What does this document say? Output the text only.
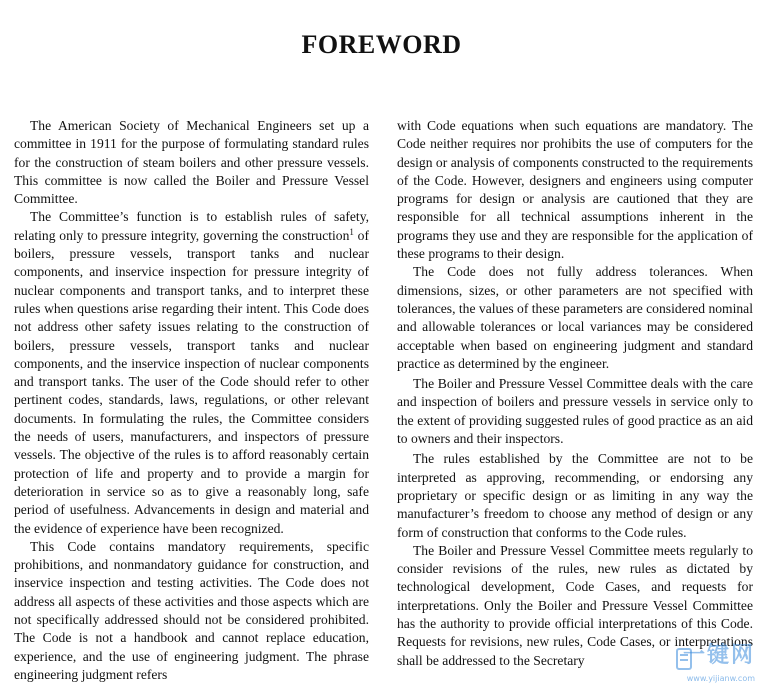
FOREWORD

The American Society of Mechanical Engineers set up a committee in 1911 for the purpose of formulating standard rules for the construction of steam boilers and other pressure vessels. This committee is now called the Boiler and Pressure Vessel Committee.

The Committee’s function is to establish rules of safety, relating only to pressure integrity, governing the construction$^1$ of boilers, pressure vessels, transport tanks and nuclear components, and inservice inspection for pressure integrity of nuclear components and transport tanks, and to interpret these rules when questions arise regarding their intent. This Code does not address other safety issues relating to the construction of boilers, pressure vessels, transport tanks and nuclear components, and the inservice inspection of nuclear components and transport tanks. The user of the Code should refer to other pertinent codes, standards, laws, regulations, or other relevant documents. In formulating the rules, the Committee considers the needs of users, manufacturers, and inspectors of pressure vessels. The objective of the rules is to afford reasonably certain protection of life and property and to provide a margin for deterioration in service so as to give a reasonably long, safe period of usefulness. Advancements in design and material and the evidence of experience have been recognized.

This Code contains mandatory requirements, specific prohibitions, and nonmandatory guidance for construction, and inservice inspection and testing activities. The Code does not address all aspects of these activities and those aspects which are not specifically addressed should not be considered prohibited. The Code is not a handbook and cannot replace education, experience, and the use of engineering judgment. The phrase engineering judgment refers

with Code equations when such equations are mandatory. The Code neither requires nor prohibits the use of computers for the design or analysis of components constructed to the requirements of the Code. However, designers and engineers using computer programs for design or analysis are cautioned that they are responsible for all technical assumptions inherent in the programs they use and they are responsible for the application of these programs to their design.

The Code does not fully address tolerances. When dimensions, sizes, or other parameters are not specified with tolerances, the values of these parameters are considered nominal and allowable tolerances or local variances may be considered acceptable when based on engineering judgment and standard practice as determined by the engineer.

The Boiler and Pressure Vessel Committee deals with the care and inspection of boilers and pressure vessels in service only to the extent of providing suggested rules of good practice as an aid to owners and their inspectors.

The rules established by the Committee are not to be interpreted as approving, recommending, or endorsing any proprietary or specific design or as limiting in any way the manufacturer’s freedom to choose any method of design or any form of construction that conforms to the Code rules.

The Boiler and Pressure Vessel Committee meets regularly to consider revisions of the rules, new rules as dictated by technological development, Code Cases, and requests for interpretations. Only the Boiler and Pressure Vessel Committee has the authority to provide official interpretations of this Code. Requests for revisions, new rules, Code Cases, or interpretations shall be addressed to the Secretary	一键网
www.yijianw.com
